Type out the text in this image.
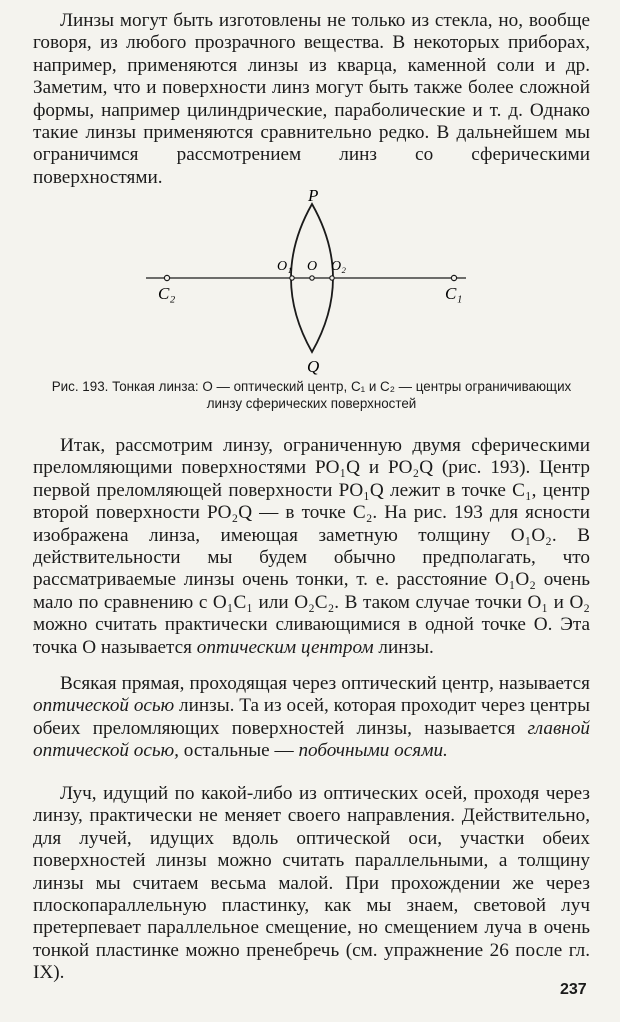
Линзы могут быть изготовлены не только из стекла, но, вообще говоря, из любого прозрачного вещества. В некоторых приборах, например, применяются линзы из кварца, каменной соли и др. Заметим, что и поверхности линз могут быть также более сложной формы, например цилиндрические, параболические и т. д. Однако такие линзы применяются сравнительно редко. В дальнейшем мы ограничимся рассмотрением линз со сферическими поверхностями.

P
Q
O₁ O O₂
C₂	C₁

Рис. 193. Тонкая линза: O — оптический центр, C₁ и C₂ — центры ограничивающих линзу сферических поверхностей

Итак, рассмотрим линзу, ограниченную двумя сферическими преломляющими поверхностями PO₁Q и PO₂Q (рис. 193). Центр первой преломляющей поверхности PO₁Q лежит в точке C₁, центр второй поверхности PO₂Q — в точке C₂. На рис. 193 для ясности изображена линза, имеющая заметную толщину O₁O₂. В действительности мы будем обычно предполагать, что рассматриваемые линзы очень тонки, т. е. расстояние O₁O₂ очень мало по сравнению с O₁C₁ или O₂C₂. В таком случае точки O₁ и O₂ можно считать практически сливающимися в одной точке O. Эта точка O называется оптическим центром линзы.

Всякая прямая, проходящая через оптический центр, называется оптической осью линзы. Та из осей, которая проходит через центры обеих преломляющих поверхностей линзы, называется главной оптической осью, остальные — побочными осями.

Луч, идущий по какой-либо из оптических осей, проходя через линзу, практически не меняет своего направления. Действительно, для лучей, идущих вдоль оптической оси, участки обеих поверхностей линзы можно считать параллельными, а толщину линзы мы считаем весьма малой. При прохождении же через плоскопараллельную пластинку, как мы знаем, световой луч претерпевает параллельное смещение, но смещением луча в очень тонкой пластинке можно пренебречь (см. упражнение 26 после гл. IX).

237
